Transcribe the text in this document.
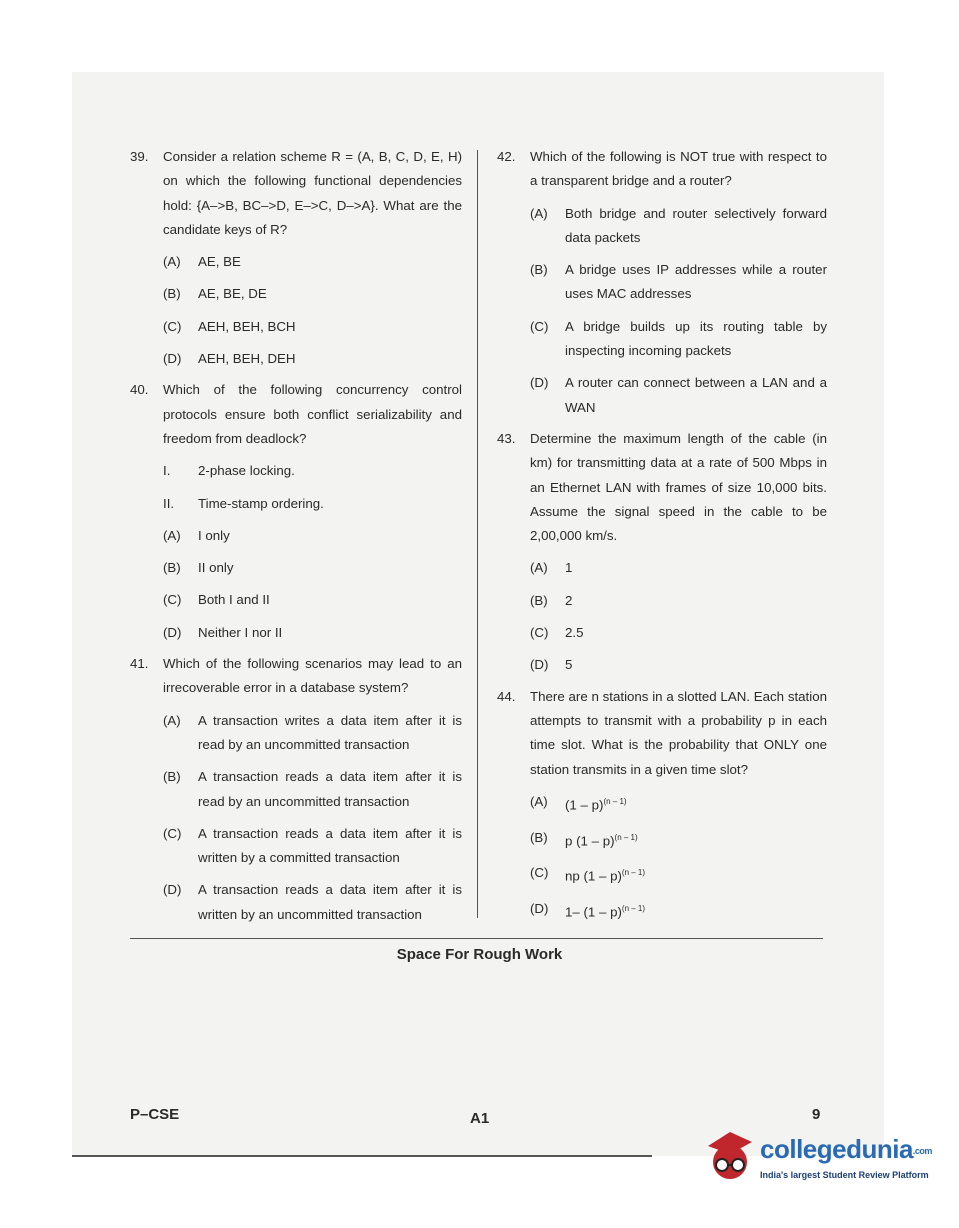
39. Consider a relation scheme R = (A, B, C, D, E, H) on which the following functional dependencies hold: {A–>B, BC–>D, E–>C, D–>A}. What are the candidate keys of R?
(A) AE, BE
(B) AE, BE, DE
(C) AEH, BEH, BCH
(D) AEH, BEH, DEH
40. Which of the following concurrency control protocols ensure both conflict serializability and freedom from deadlock?
I. 2-phase locking.
II. Time-stamp ordering.
(A) I only
(B) II only
(C) Both I and II
(D) Neither I nor II
41. Which of the following scenarios may lead to an irrecoverable error in a database system?
(A) A transaction writes a data item after it is read by an uncommitted transaction
(B) A transaction reads a data item after it is read by an uncommitted transaction
(C) A transaction reads a data item after it is written by a committed transaction
(D) A transaction reads a data item after it is written by an uncommitted transaction
42. Which of the following is NOT true with respect to a transparent bridge and a router?
(A) Both bridge and router selectively forward data packets
(B) A bridge uses IP addresses while a router uses MAC addresses
(C) A bridge builds up its routing table by inspecting incoming packets
(D) A router can connect between a LAN and a WAN
43. Determine the maximum length of the cable (in km) for transmitting data at a rate of 500 Mbps in an Ethernet LAN with frames of size 10,000 bits. Assume the signal speed in the cable to be 2,00,000 km/s.
(A) 1
(B) 2
(C) 2.5
(D) 5
44. There are n stations in a slotted LAN. Each station attempts to transmit with a probability p in each time slot. What is the probability that ONLY one station transmits in a given time slot?
(A) (1 – p)$^{(n - 1)}$
(B) p (1 – p)$^{(n - 1)}$
(C) np (1 – p)$^{(n - 1)}$
(D) 1– (1 – p)$^{(n - 1)}$
Space For Rough Work
P–CSE	A1	9
collegedunia.com
India's largest Student Review Platform
